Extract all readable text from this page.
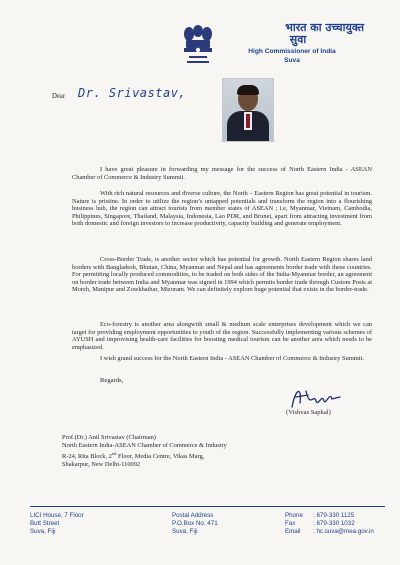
भारत का उच्चायुक्त
सुवा
High Commissioner of India
Suva
Dear Dr. Srivastav,

I have great pleasure in forwarding my message for the success of North Eastern India - ASEAN Chamber of Commerce & Industry Summit.

With rich natural resources and diverse culture, the North – Eastern Region has great potential in tourism. Nature is pristine. In order to utilize the region’s untapped potentials and transform the region into a flourishing business hub, the region can attract tourists from member states of ASEAN ; i.e, Myanmar, Vietnam, Cambodia, Philippines, Singapore, Thailand, Malaysia, Indonesia, Lao PDR, and Brunei, apart from attracting investment from both domestic and foreign investors to increase productivity, capacity building and generate employment.

Cross-Border Trade, is another sector which has potential for growth. North Eastern Region shares land borders with Bangladesh, Bhutan, China, Myanmar and Nepal and has agreements border trade with these countries. For permitting locally produced commodities, to be traded on both sides of the India-Myanmar border, an agreement on border trade between India and Myanmar was signed in 1994 which permits border trade through Custom Posts at Moreh, Manipur and Zowkhathar, Mizoram. We can definitely explore huge potential that exists in the border-trade.

Eco-forestry is another area alongwith small & medium scale enterprises development which we can target for providing employment opportunities to youth of the region. Successfully implementing various schemes of AYUSH and improvising health-care facilities for boosting medical tourism can be another area which needs to be emphasized.

I wish grand success for the North Eastern India - ASEAN Chamber of Commerce & Industry Summit.

Regards,
(Vishvas Sapkal)
Prof.(Dr.) Anil Srivastav (Chairman)
North Eastern India-ASEAN Chamber of Commerce & Industry
R-24, Rita Block, 2nd Floor, Media Centre, Vikas Marg,
Shakarpur, New Delhi-110092
LICI House, 7 Floor
Butt Street
Suva, Fiji
Postal Address
P.O.Box No. 471
Suva, Fiji
Phone : 679-330 1125
Fax	: 679-330 1032
Email : hc.suva@mea.gov.in
